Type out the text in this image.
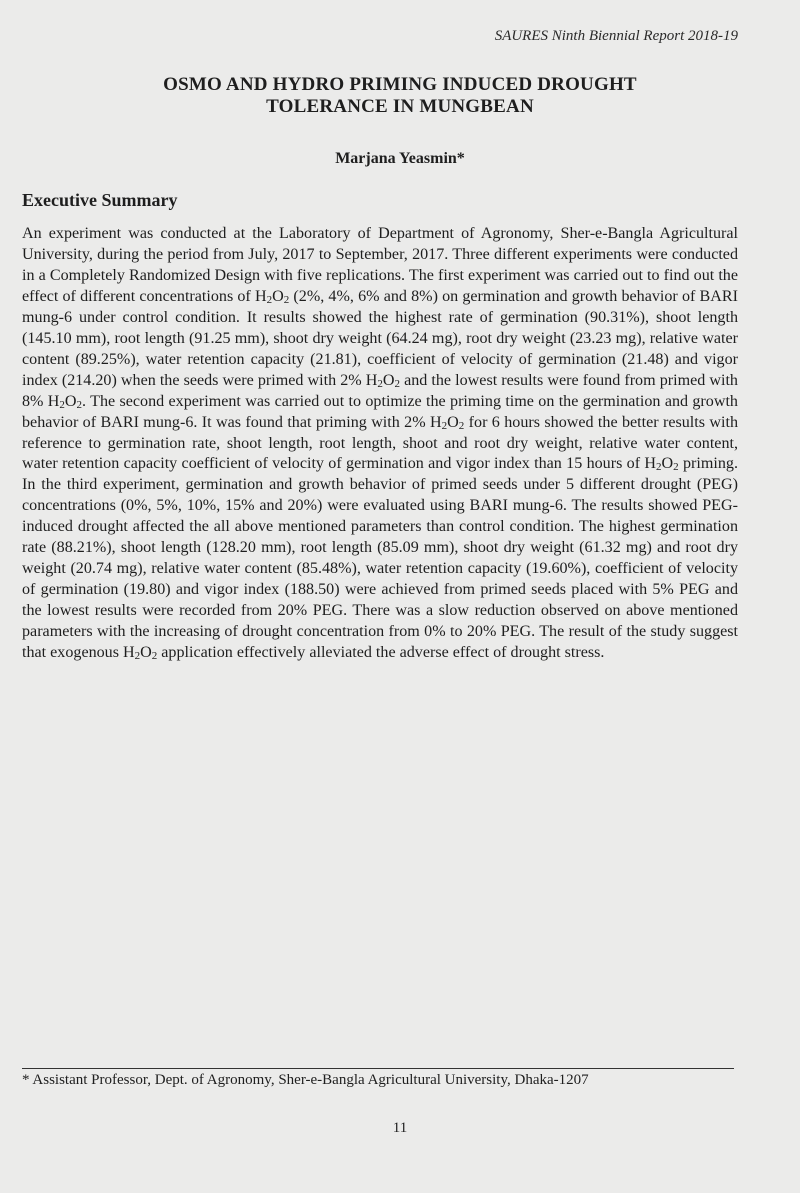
SAURES Ninth Biennial Report 2018-19
OSMO AND HYDRO PRIMING INDUCED DROUGHT
TOLERANCE IN MUNGBEAN
Marjana Yeasmin*
Executive Summary

An experiment was conducted at the Laboratory of Department of Agronomy, Sher-e-Bangla Agricultural University, during the period from July, 2017 to September, 2017. Three different experiments were conducted in a Completely Randomized Design with five replications. The first experiment was carried out to find out the effect of different concentrations of $H_2O_2$ (2%, 4%, 6% and 8%) on germination and growth behavior of BARI mung-6 under control condition. It results showed the highest rate of germination (90.31%), shoot length (145.10 mm), root length (91.25 mm), shoot dry weight (64.24 mg), root dry weight (23.23 mg), relative water content (89.25%), water retention capacity (21.81), coefficient of velocity of germination (21.48) and vigor index (214.20) when the seeds were primed with 2% $H_2O_2$ and the lowest results were found from primed with 8% $H_2O_2$. The second experiment was carried out to optimize the priming time on the germination and growth behavior of BARI mung-6. It was found that priming with 2% $H_2O_2$ for 6 hours showed the better results with reference to germination rate, shoot length, root length, shoot and root dry weight, relative water content, water retention capacity coefficient of velocity of germination and vigor index than 15 hours of $H_2O_2$ priming. In the third experiment, germination and growth behavior of primed seeds under 5 different drought (PEG) concentrations (0%, 5%, 10%, 15% and 20%) were evaluated using BARI mung-6. The results showed PEG- induced drought affected the all above mentioned parameters than control condition. The highest germination rate (88.21%), shoot length (128.20 mm), root length (85.09 mm), shoot dry weight (61.32 mg) and root dry weight (20.74 mg), relative water content (85.48%), water retention capacity (19.60%), coefficient of velocity of germination (19.80) and vigor index (188.50) were achieved from primed seeds placed with 5% PEG and the lowest results were recorded from 20% PEG. There was a slow reduction observed on above mentioned parameters with the increasing of drought concentration from 0% to 20% PEG. The result of the study suggest that exogenous $H_2O_2$ application effectively alleviated the adverse effect of drought stress.

* Assistant Professor, Dept. of Agronomy, Sher-e-Bangla Agricultural University, Dhaka-1207
11
